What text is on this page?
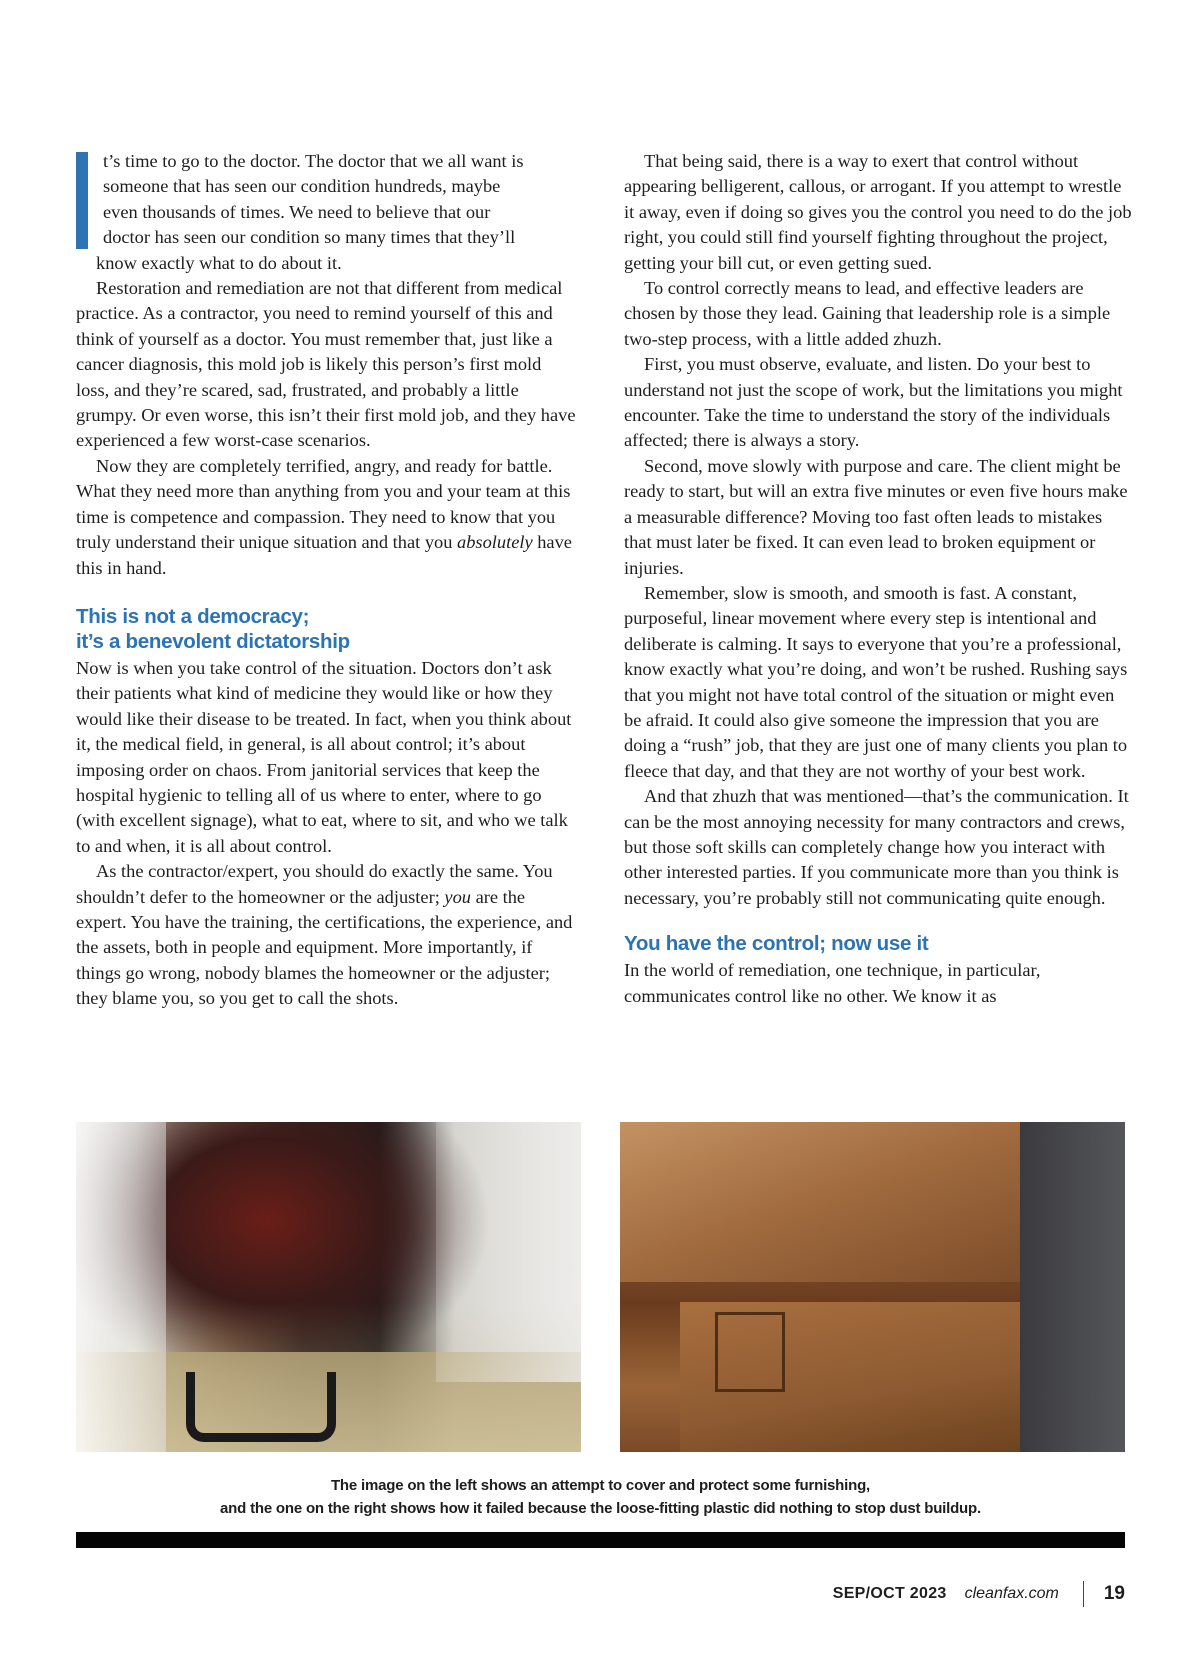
t’s time to go to the doctor. The doctor that we all want is
someone that has seen our condition hundreds, maybe
even thousands of times. We need to believe that our
doctor has seen our condition so many times that they’ll

know exactly what to do about it.

Restoration and remediation are not that different from medical practice. As a contractor, you need to remind yourself of this and think of yourself as a doctor. You must remember that, just like a cancer diagnosis, this mold job is likely this person’s first mold loss, and they’re scared, sad, frustrated, and probably a little grumpy. Or even worse, this isn’t their first mold job, and they have experienced a few worst-case scenarios.

Now they are completely terrified, angry, and ready for battle. What they need more than anything from you and your team at this time is competence and compassion. They need to know that you truly understand their unique situation and that you absolutely have this in hand.

This is not a democracy;
it’s a benevolent dictatorship

Now is when you take control of the situation. Doctors don’t ask their patients what kind of medicine they would like or how they would like their disease to be treated. In fact, when you think about it, the medical field, in general, is all about control; it’s about imposing order on chaos. From janitorial services that keep the hospital hygienic to telling all of us where to enter, where to go (with excellent signage), what to eat, where to sit, and who we talk to and when, it is all about control.

As the contractor/expert, you should do exactly the same. You shouldn’t defer to the homeowner or the adjuster; you are the expert. You have the training, the certifications, the experience, and the assets, both in people and equipment. More importantly, if things go wrong, nobody blames the homeowner or the adjuster; they blame you, so you get to call the shots.

That being said, there is a way to exert that control without appearing belligerent, callous, or arrogant. If you attempt to wrestle it away, even if doing so gives you the control you need to do the job right, you could still find yourself fighting throughout the project, getting your bill cut, or even getting sued.

To control correctly means to lead, and effective leaders are chosen by those they lead. Gaining that leadership role is a simple two-step process, with a little added zhuzh.

First, you must observe, evaluate, and listen. Do your best to understand not just the scope of work, but the limitations you might encounter. Take the time to understand the story of the individuals affected; there is always a story.

Second, move slowly with purpose and care. The client might be ready to start, but will an extra five minutes or even five hours make a measurable difference? Moving too fast often leads to mistakes that must later be fixed. It can even lead to broken equipment or injuries.

Remember, slow is smooth, and smooth is fast. A constant, purposeful, linear movement where every step is intentional and deliberate is calming. It says to everyone that you’re a professional, know exactly what you’re doing, and won’t be rushed. Rushing says that you might not have total control of the situation or might even be afraid. It could also give someone the impression that you are doing a “rush” job, that they are just one of many clients you plan to fleece that day, and that they are not worthy of your best work.

And that zhuzh that was mentioned—that’s the communication. It can be the most annoying necessity for many contractors and crews, but those soft skills can completely change how you interact with other interested parties. If you communicate more than you think is necessary, you’re probably still not communicating quite enough.

You have the control; now use it

In the world of remediation, one technique, in particular, communicates control like no other. We know it as

The image on the left shows an attempt to cover and protect some furnishing,
and the one on the right shows how it failed because the loose-fitting plastic did nothing to stop dust buildup.
SEP/OCT 2023 cleanfax.com 19
